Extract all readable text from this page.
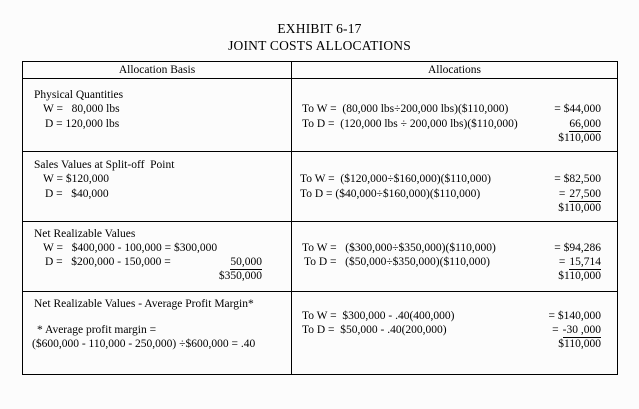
EXHIBIT 6-17
JOINT COSTS ALLOCATIONS
Allocation Basis	Allocations
Physical Quantities
W =   80,000 lbs
D = 120,000 lbs
To W =  (80,000 lbs÷200,000 lbs)($110,000)	= $44,000
To D =  (120,000 lbs ÷ 200,000 lbs)($110,000)	66,000
$110,000
Sales Values at Split-off  Point
W = $120,000
D =   $40,000
To W =  ($120,000÷$160,000)($110,000)	= $82,500
To D = ($40,000÷$160,000)($110,000)	= 27,500
$110,000
Net Realizable Values
W =   $400,000 - 100,000 = $300,000
D =   $200,000 - 150,000 =	50,000
$350,000
To W =   ($300,000÷$350,000)($110,000)	= $94,286
To D =   ($50,000÷$350,000)($110,000)	= 15,714
$110,000
Net Realizable Values - Average Profit Margin*
* Average profit margin =
($600,000 - 110,000 - 250,000) ÷$600,000 = .40
To W =  $300,000 - .40(400,000)	= $140,000
To D =  $50,000 - .40(200,000)	= -30 ,000
$110,000
